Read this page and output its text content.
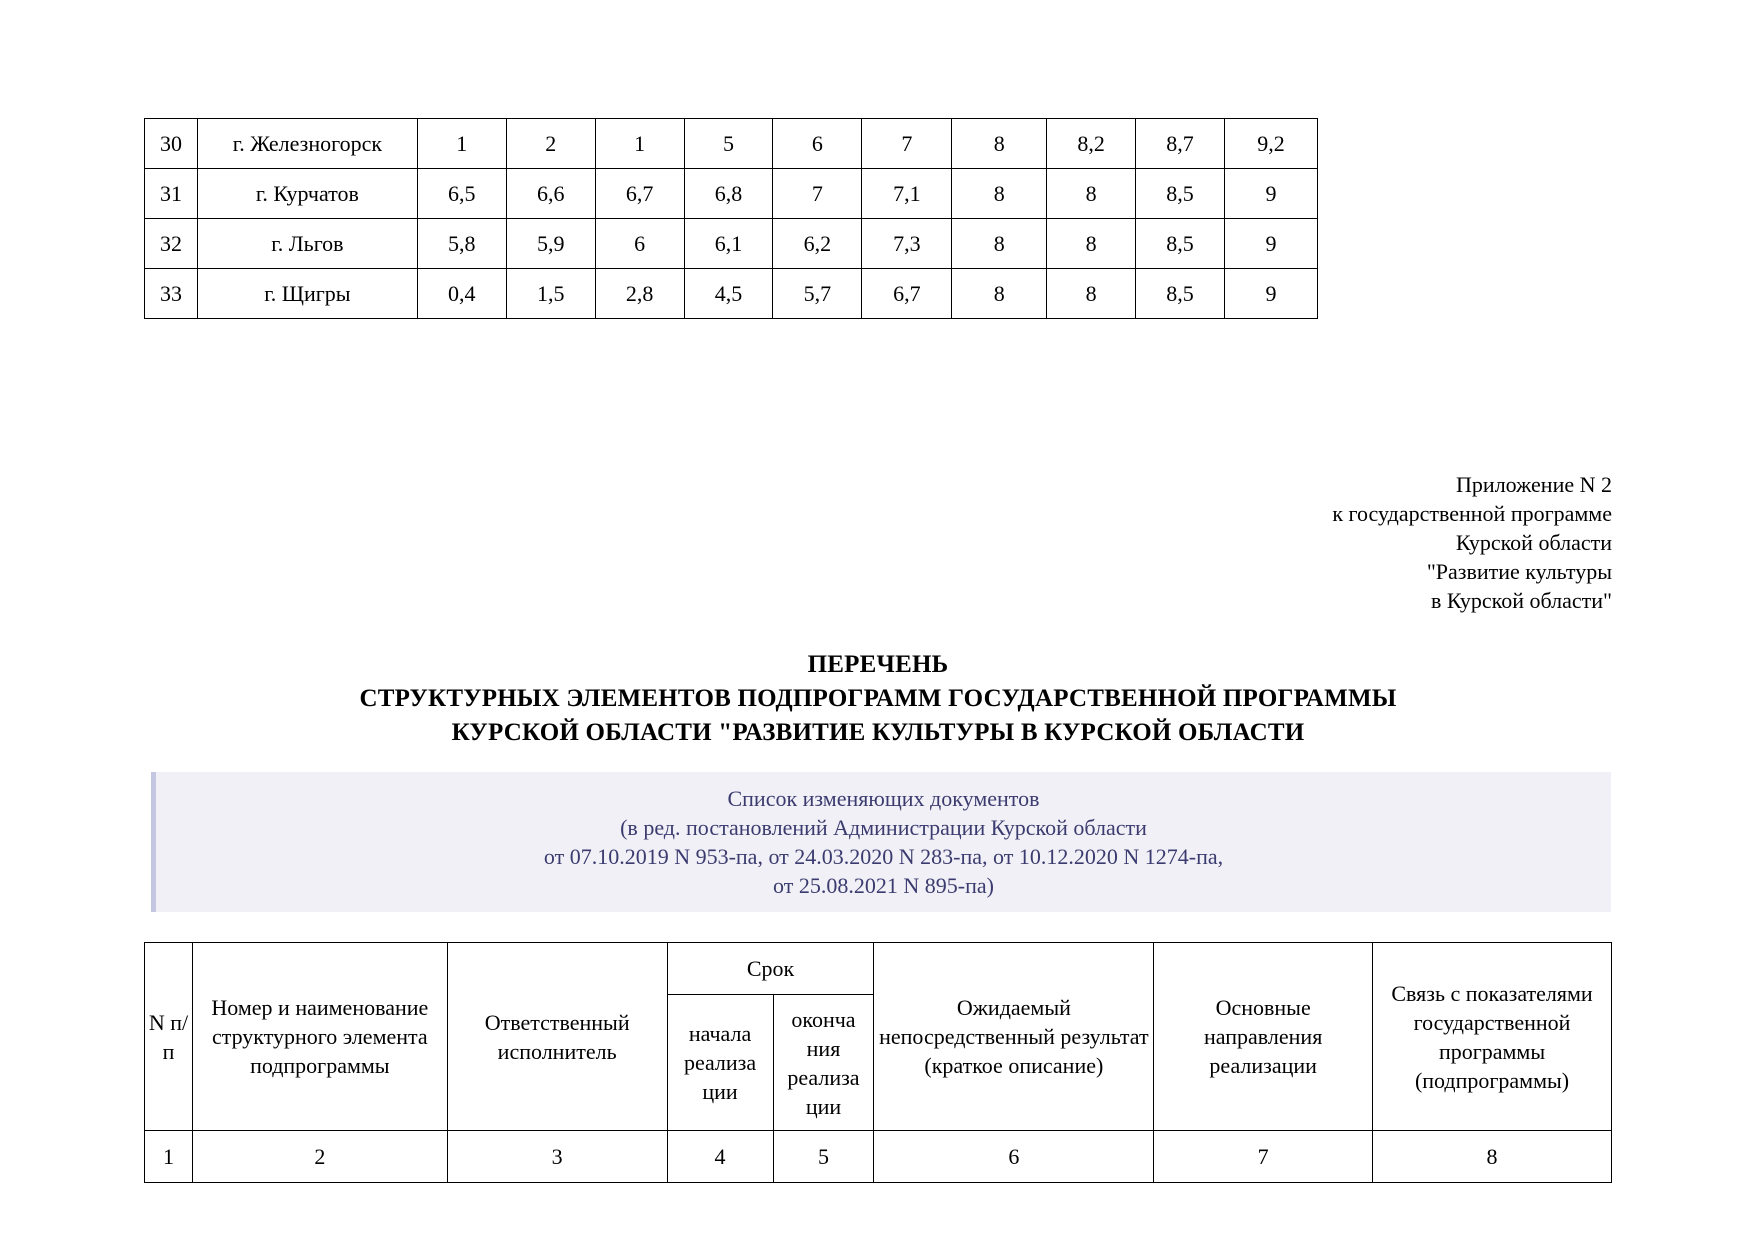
30	г. Железногорск	1	2	1	5	6	7	8	8,2	8,7	9,2
31	г. Курчатов	6,5	6,6	6,7	6,8	7	7,1	8	8	8,5	9
32	г. Льгов	5,8	5,9	6	6,1	6,2	7,3	8	8	8,5	9
33	г. Щигры	0,4	1,5	2,8	4,5	5,7	6,7	8	8	8,5	9
Приложение N 2
к государственной программе
Курской области
"Развитие культуры
в Курской области"
ПЕРЕЧЕНЬ
СТРУКТУРНЫХ ЭЛЕМЕНТОВ ПОДПРОГРАММ ГОСУДАРСТВЕННОЙ ПРОГРАММЫ
КУРСКОЙ ОБЛАСТИ "РАЗВИТИЕ КУЛЬТУРЫ В КУРСКОЙ ОБЛАСТИ
Список изменяющих документов
(в ред. постановлений Администрации Курской области
от 07.10.2019 N 953-па, от 24.03.2020 N 283-па, от 10.12.2020 N 1274-па,
от 25.08.2021 N 895-па)
N п/п	Номер и наименование структурного элемента подпрограммы	Ответственный исполнитель	Срок		Ожидаемый непосредственный результат (краткое описание)	Основные направления реализации	Связь с показателями государственной программы (подпрограммы)
			начала реализа ции	оконча ния реализа ции			
1	2	3	4	5	6	7	8
